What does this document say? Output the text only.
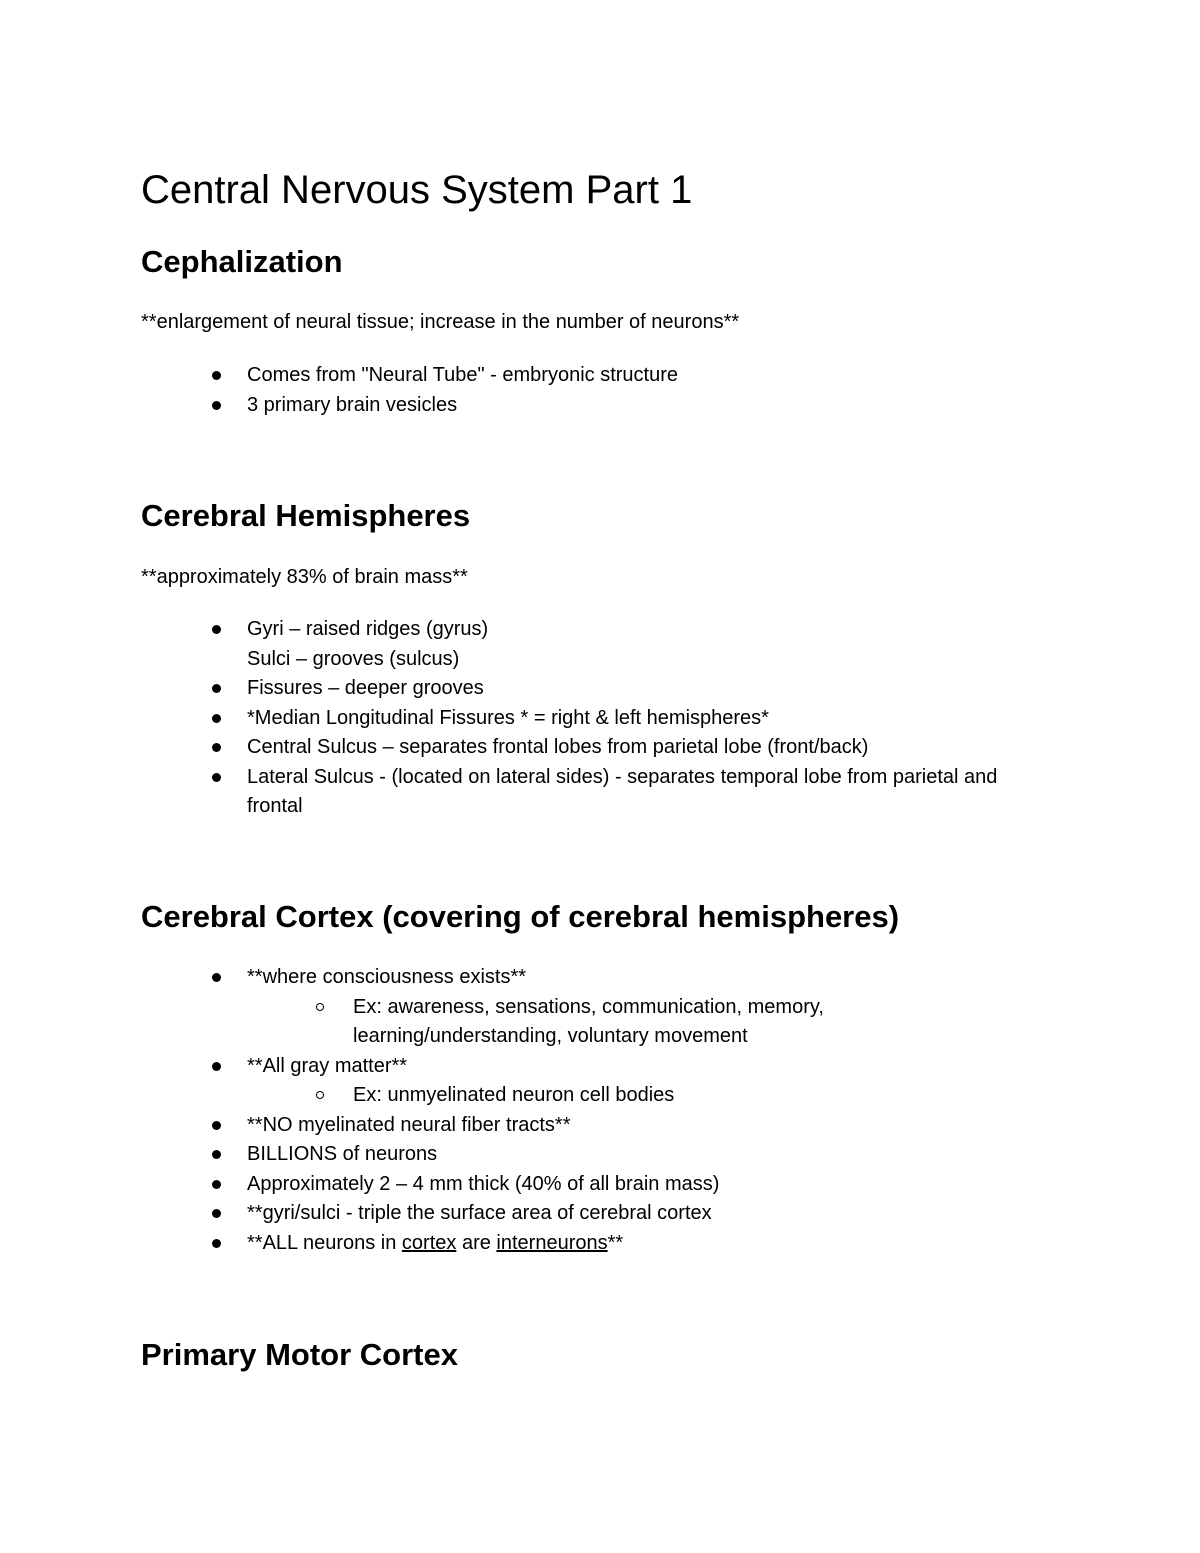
Central Nervous System Part 1
Cephalization

**enlargement of neural tissue; increase in the number of neurons**

Comes from "Neural Tube" - embryonic structure
3 primary brain vesicles
Cerebral Hemispheres

**approximately 83% of brain mass**

Gyri – raised ridges (gyrus)
Sulci – grooves (sulcus)
Fissures – deeper grooves
*Median Longitudinal Fissures * = right & left hemispheres*
Central Sulcus – separates frontal lobes from parietal lobe (front/back)
Lateral Sulcus - (located on lateral sides) - separates temporal lobe from parietal and
frontal
Cerebral Cortex (covering of cerebral hemispheres)
**where consciousness exists**
Ex: awareness, sensations, communication, memory,
learning/understanding, voluntary movement
**All gray matter**
Ex: unmyelinated neuron cell bodies
**NO myelinated neural fiber tracts**
BILLIONS of neurons
Approximately 2 – 4 mm thick (40% of all brain mass)
**gyri/sulci - triple the surface area of cerebral cortex
**ALL neurons in cortex are interneurons**
Primary Motor Cortex
